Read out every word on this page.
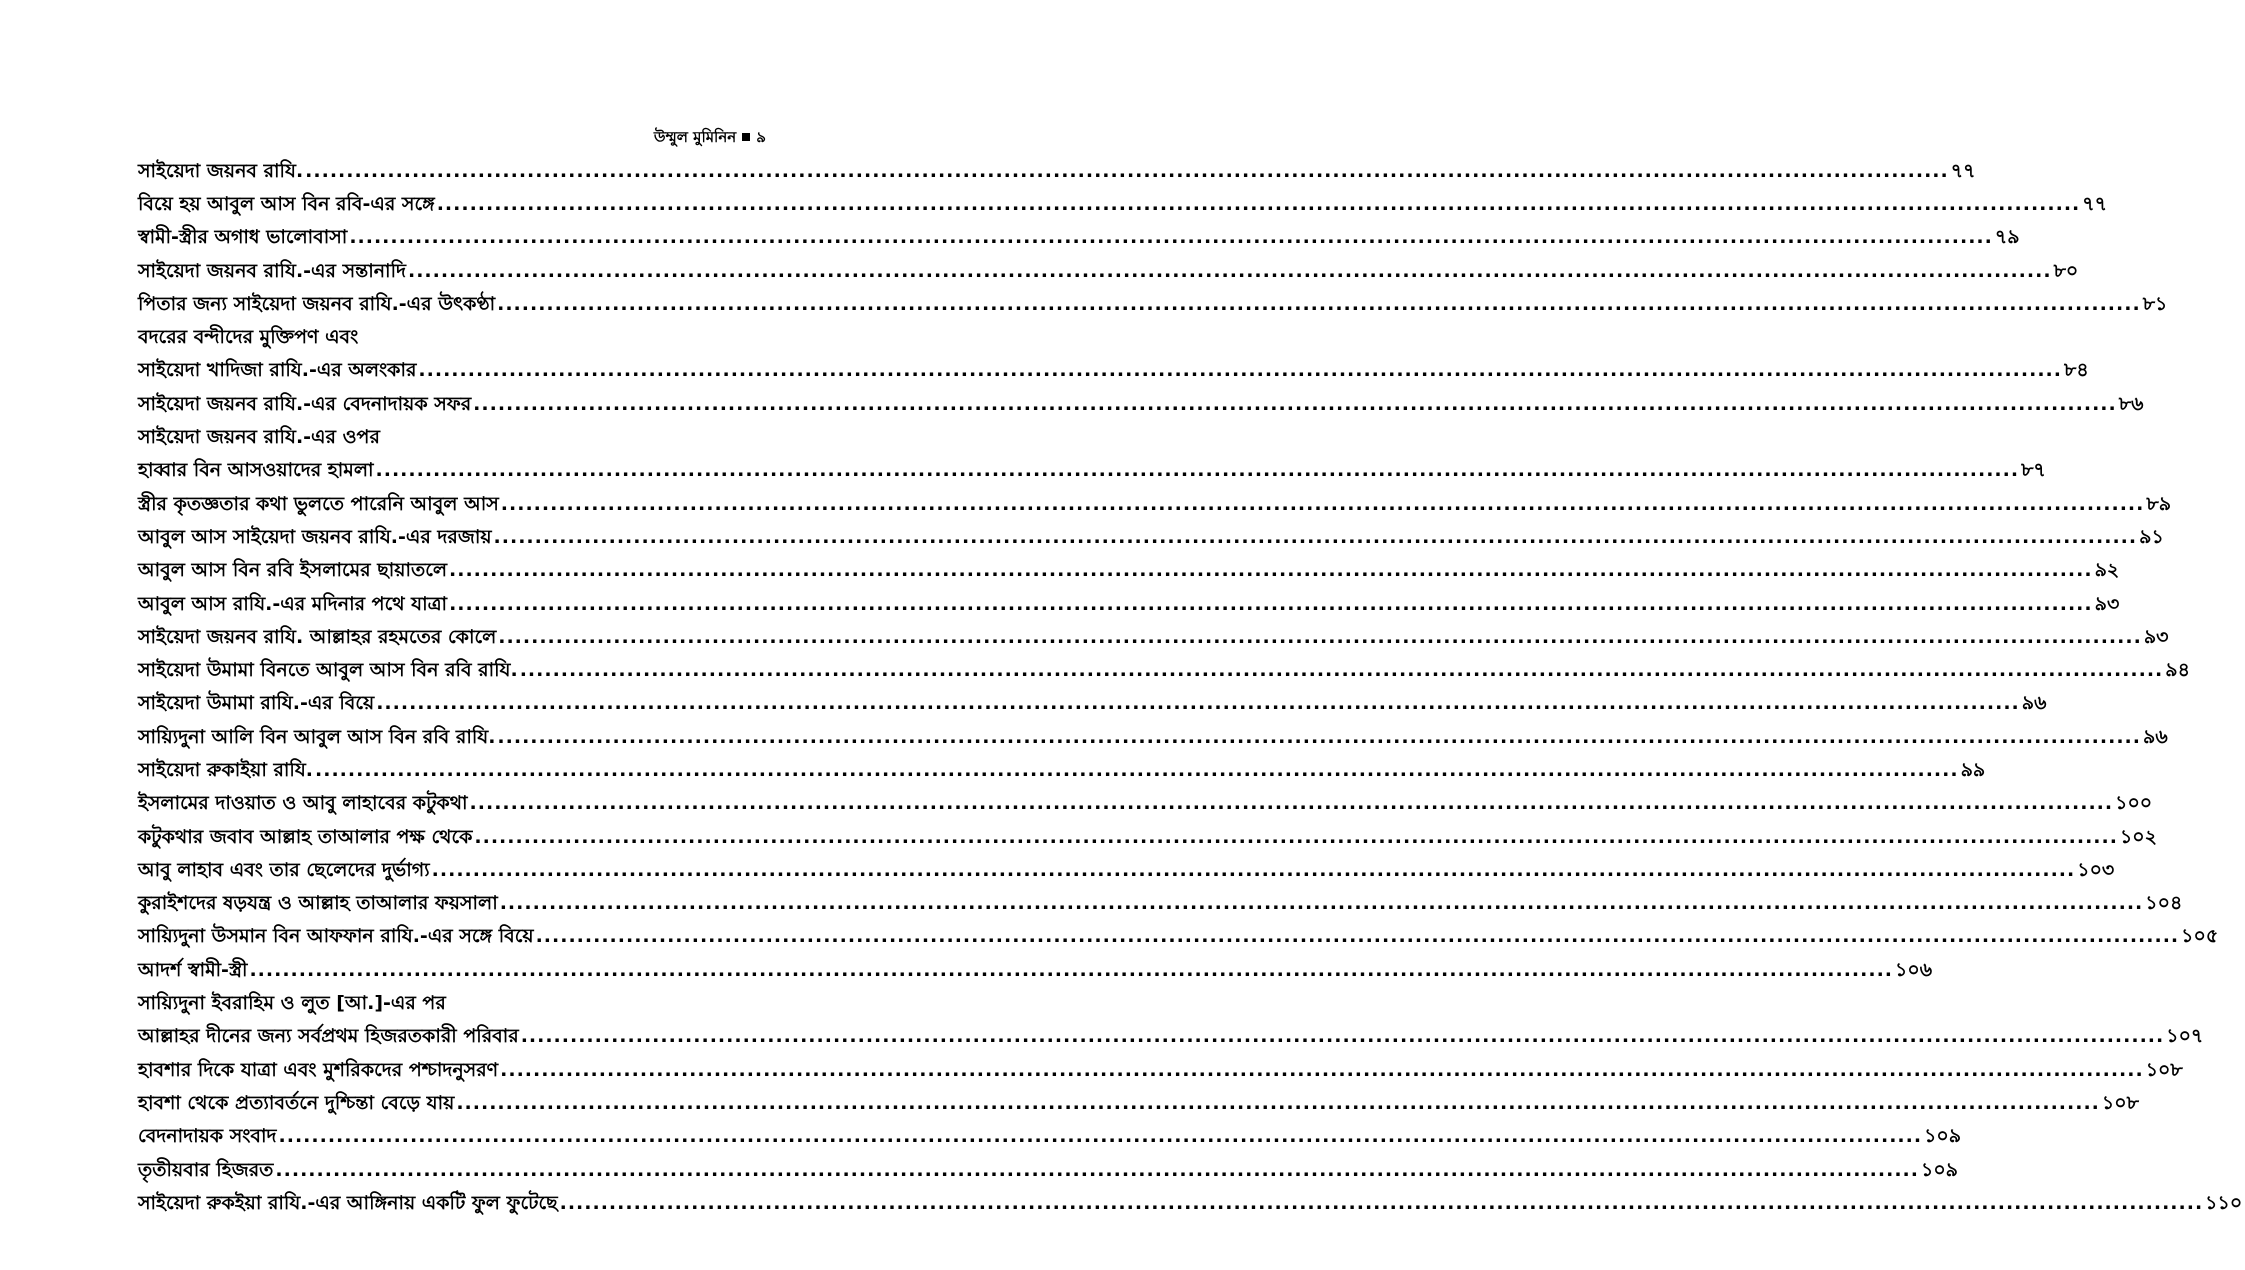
উম্মুল মুমিনিন ৯
সাইয়েদা জয়নব রাযি. ........................................................................................................................................................................................................ ৭৭
বিয়ে হয় আবুল আস বিন রবি-এর সঙ্গে ........................................................................................................................................................................................................ ৭৭
স্বামী-স্ত্রীর অগাধ ভালোবাসা ........................................................................................................................................................................................................ ৭৯
সাইয়েদা জয়নব রাযি.-এর সন্তানাদি ........................................................................................................................................................................................................ ৮০
পিতার জন্য সাইয়েদা জয়নব রাযি.-এর উৎকণ্ঠা ........................................................................................................................................................................................................ ৮১
বদরের বন্দীদের মুক্তিপণ এবং
সাইয়েদা খাদিজা রাযি.-এর অলংকার ........................................................................................................................................................................................................ ৮৪
সাইয়েদা জয়নব রাযি.-এর বেদনাদায়ক সফর ........................................................................................................................................................................................................ ৮৬
সাইয়েদা জয়নব রাযি.-এর ওপর
হাব্বার বিন আসওয়াদের হামলা ........................................................................................................................................................................................................ ৮৭
স্ত্রীর কৃতজ্ঞতার কথা ভুলতে পারেনি আবুল আস ........................................................................................................................................................................................................ ৮৯
আবুল আস সাইয়েদা জয়নব রাযি.-এর দরজায় ........................................................................................................................................................................................................ ৯১
আবুল আস বিন রবি ইসলামের ছায়াতলে ........................................................................................................................................................................................................ ৯২
আবুল আস রাযি.-এর মদিনার পথে যাত্রা ........................................................................................................................................................................................................ ৯৩
সাইয়েদা জয়নব রাযি. আল্লাহর রহমতের কোলে ........................................................................................................................................................................................................ ৯৩
সাইয়েদা উমামা বিনতে আবুল আস বিন রবি রাযি. ........................................................................................................................................................................................................ ৯৪
সাইয়েদা উমামা রাযি.-এর বিয়ে ........................................................................................................................................................................................................ ৯৬
সায়্যিদুনা আলি বিন আবুল আস বিন রবি রাযি. ........................................................................................................................................................................................................ ৯৬
সাইয়েদা রুকাইয়া রাযি. ........................................................................................................................................................................................................ ৯৯
ইসলামের দাওয়াত ও আবু লাহাবের কটুকথা ........................................................................................................................................................................................................ ১০০
কটুকথার জবাব আল্লাহ তাআলার পক্ষ থেকে ........................................................................................................................................................................................................ ১০২
আবু লাহাব এবং তার ছেলেদের দুর্ভাগ্য ........................................................................................................................................................................................................ ১০৩
কুরাইশদের ষড়যন্ত্র ও আল্লাহ তাআলার ফয়সালা ........................................................................................................................................................................................................ ১০৪
সায়্যিদুনা উসমান বিন আফফান রাযি.-এর সঙ্গে বিয়ে ........................................................................................................................................................................................................ ১০৫
আদর্শ স্বামী-স্ত্রী ........................................................................................................................................................................................................ ১০৬
সায়্যিদুনা ইবরাহিম ও লুত [আ.]-এর পর
আল্লাহর দীনের জন্য সর্বপ্রথম হিজরতকারী পরিবার ........................................................................................................................................................................................................ ১০৭
হাবশার দিকে যাত্রা এবং মুশরিকদের পশ্চাদনুসরণ ........................................................................................................................................................................................................ ১০৮
হাবশা থেকে প্রত্যাবর্তনে দুশ্চিন্তা বেড়ে যায় ........................................................................................................................................................................................................ ১০৮
বেদনাদায়ক সংবাদ ........................................................................................................................................................................................................ ১০৯
তৃতীয়বার হিজরত ........................................................................................................................................................................................................ ১০৯
সাইয়েদা রুকইয়া রাযি.-এর আঙ্গিনায় একটি ফুল ফুটেছে ........................................................................................................................................................................................................ ১১০
